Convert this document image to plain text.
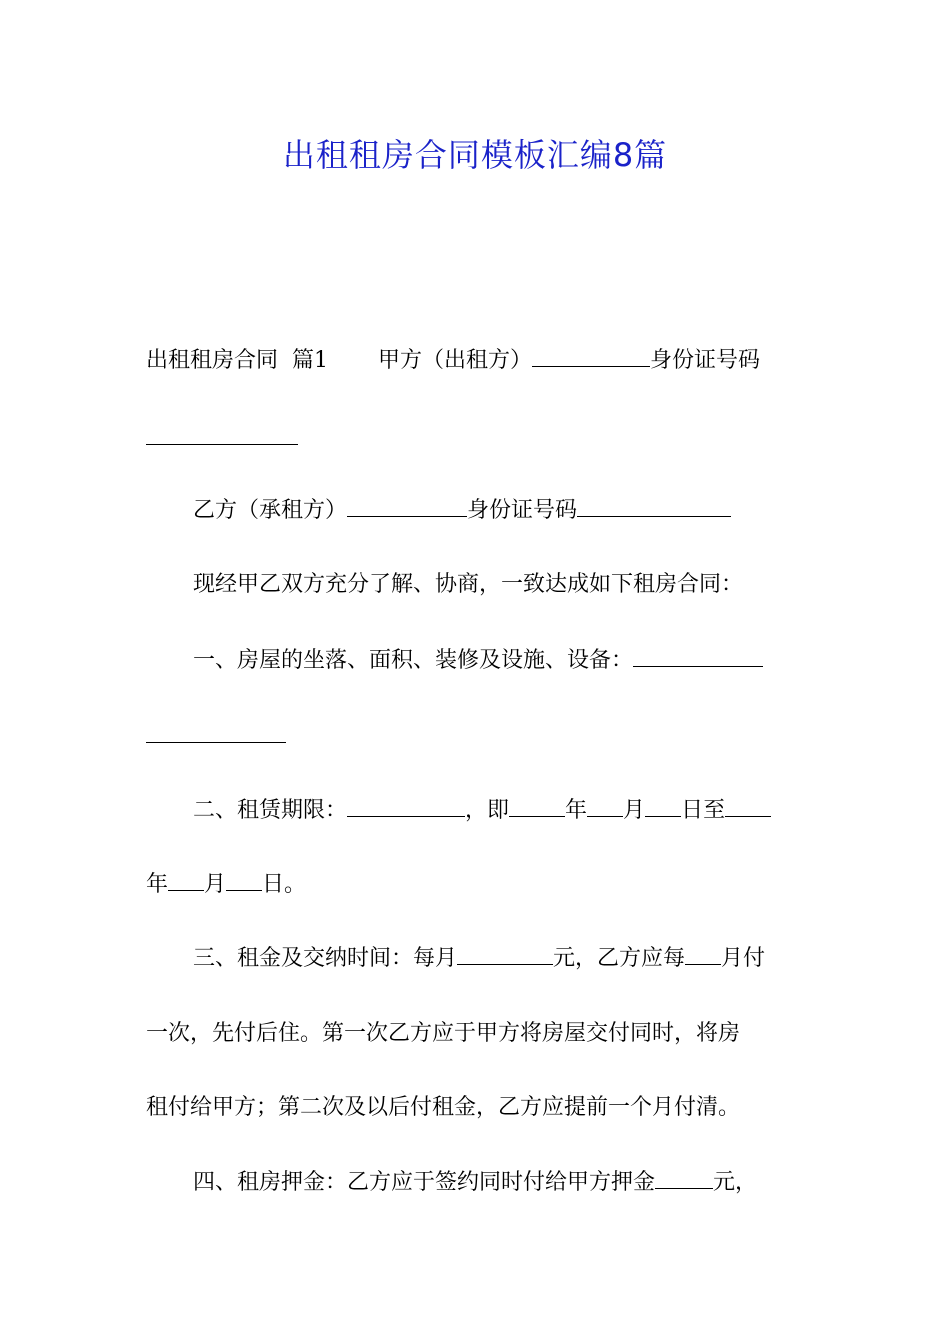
出租租房合同模板汇编8篇
出租租房合同  篇1 甲方（出租方）	身份证号码
乙方（承租方）	身份证号码
现经甲乙双方充分了解、协商，一致达成如下租房合同：
一、房屋的坐落、面积、装修及设施、设备：
二、租赁期限：	，即	年 月 日至
年 月 日。
三、租金及交纳时间：每月	元，乙方应每 月付
一次，先付后住。第一次乙方应于甲方将房屋交付同时，将房
租付给甲方；第二次及以后付租金，乙方应提前一个月付清。
四、租房押金：乙方应于签约同时付给甲方押金	元，
